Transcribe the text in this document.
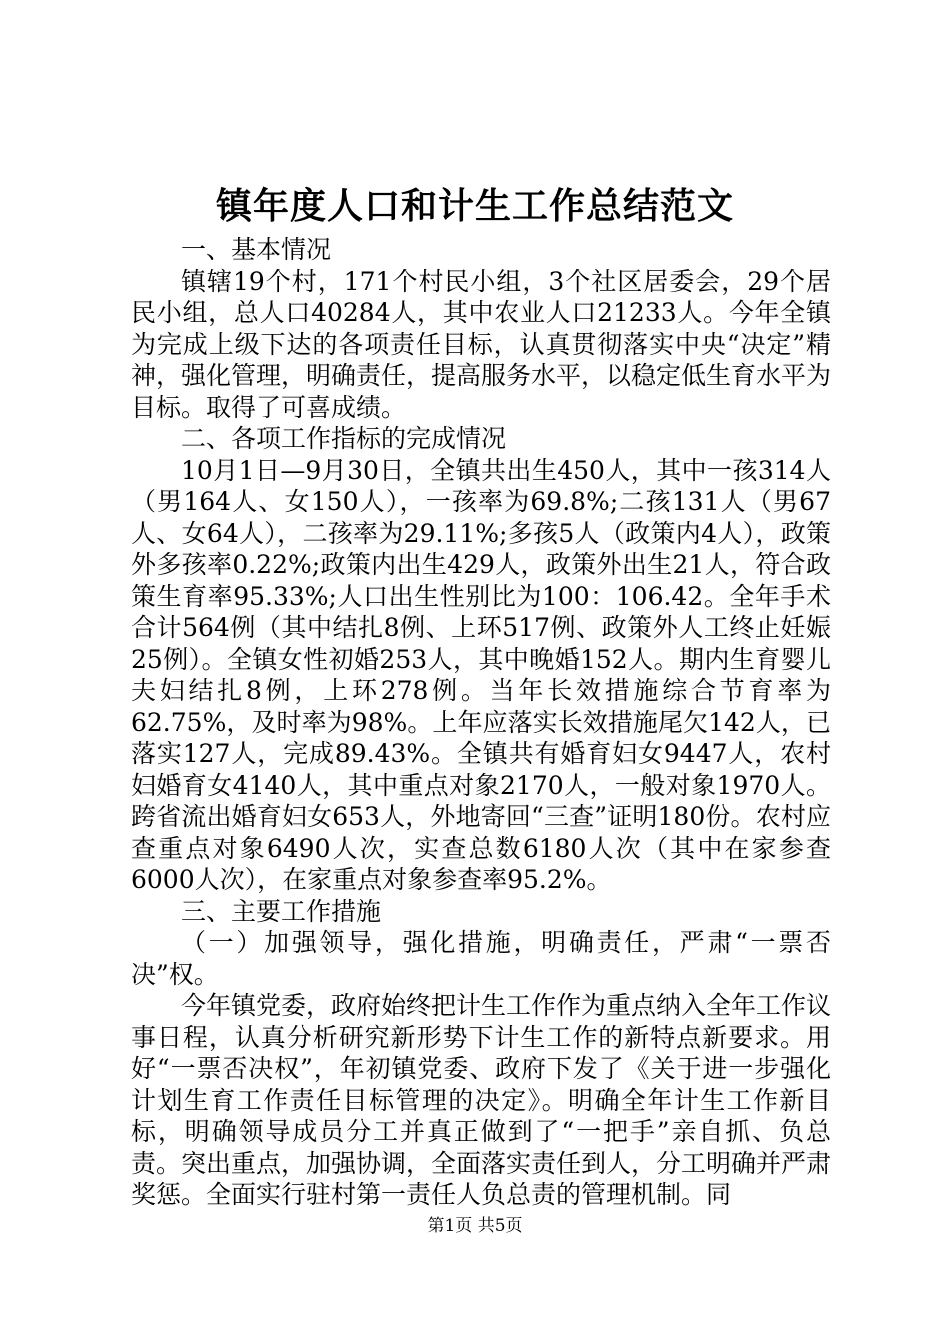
镇年度人口和计生工作总结范文

一、基本情况

镇辖19个村，171个村民小组，3个社区居委会，29个居民小组，总人口40284人，其中农业人口21233人。今年全镇为完成上级下达的各项责任目标，认真贯彻落实中央“决定”精神，强化管理，明确责任，提高服务水平，以稳定低生育水平为目标。取得了可喜成绩。

二、各项工作指标的完成情况

10月1日—9月30日，全镇共出生450人，其中一孩314人（男164人、女150人），一孩率为69.8%;二孩131人（男67人、女64人），二孩率为29.11%;多孩5人（政策内4人），政策外多孩率0.22%;政策内出生429人，政策外出生21人，符合政策生育率95.33%;人口出生性别比为100：106.42。全年手术合计564例（其中结扎8例、上环517例、政策外人工终止妊娠25例）。全镇女性初婚253人，其中晚婚152人。期内生育婴儿夫妇结扎8例，上环278例。当年长效措施综合节育率为62.75%，及时率为98%。上年应落实长效措施尾欠142人，已落实127人，完成89.43%。全镇共有婚育妇女9447人，农村妇婚育女4140人，其中重点对象2170人，一般对象1970人。跨省流出婚育妇女653人，外地寄回“三查”证明180份。农村应查重点对象6490人次，实查总数6180人次（其中在家参查6000人次），在家重点对象参查率95.2%。

三、主要工作措施

（一）加强领导，强化措施，明确责任，严肃“一票否决”权。

今年镇党委，政府始终把计生工作作为重点纳入全年工作议事日程，认真分析研究新形势下计生工作的新特点新要求。用好“一票否决权”，年初镇党委、政府下发了《关于进一步强化计划生育工作责任目标管理的决定》。明确全年计生工作新目标，明确领导成员分工并真正做到了“一把手”亲自抓、负总责。突出重点，加强协调，全面落实责任到人，分工明确并严肃奖惩。全面实行驻村第一责任人负总责的管理机制。同

第1页 共5页
